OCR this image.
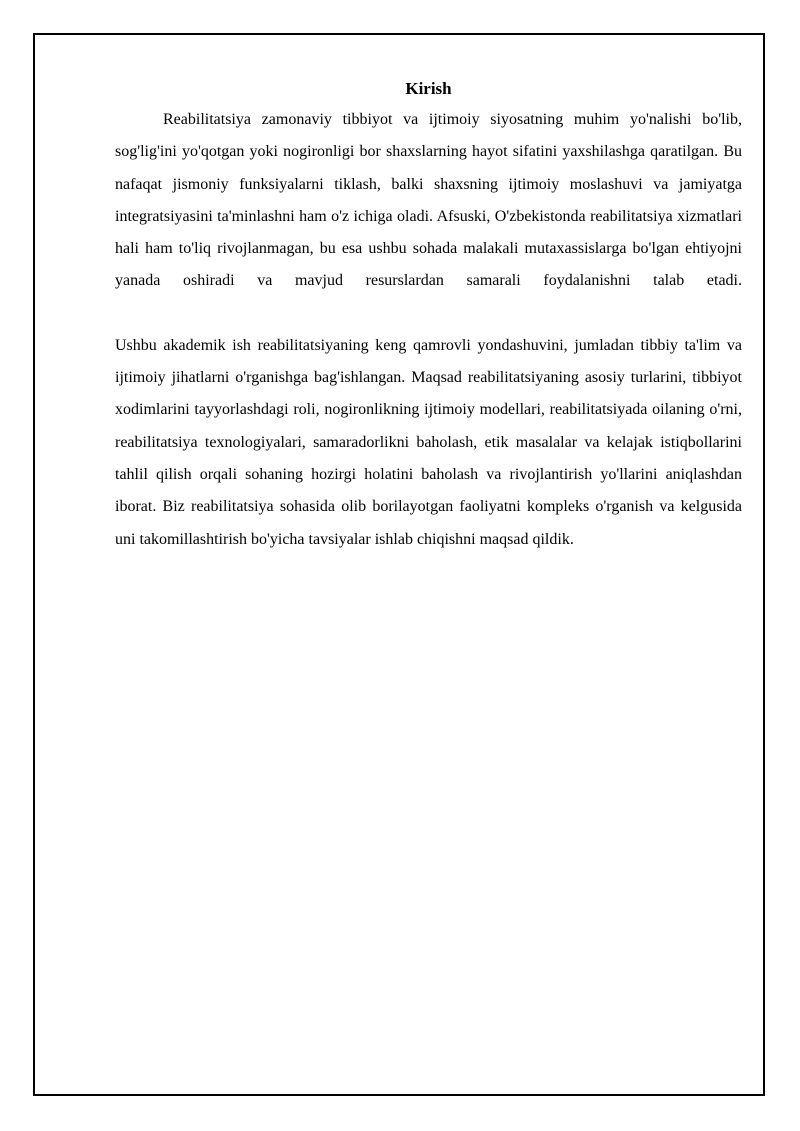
Kirish

Reabilitatsiya zamonaviy tibbiyot va ijtimoiy siyosatning muhim yo'nalishi bo'lib, sog'lig'ini yo'qotgan yoki nogironligi bor shaxslarning hayot sifatini yaxshilashga qaratilgan. Bu nafaqat jismoniy funksiyalarni tiklash, balki shaxsning ijtimoiy moslashuvi va jamiyatga integratsiyasini ta'minlashni ham o'z ichiga oladi. Afsuski, O'zbekistonda reabilitatsiya xizmatlari hali ham to'liq rivojlanmagan, bu esa ushbu sohada malakali mutaxassislarga bo'lgan ehtiyojni yanada oshiradi va mavjud resurslardan samarali foydalanishni talab etadi.

Ushbu akademik ish reabilitatsiyaning keng qamrovli yondashuvini, jumladan tibbiy ta'lim va ijtimoiy jihatlarni o'rganishga bag'ishlangan. Maqsad reabilitatsiyaning asosiy turlarini, tibbiyot xodimlarini tayyorlashdagi roli, nogironlikning ijtimoiy modellari, reabilitatsiyada oilaning o'rni, reabilitatsiya texnologiyalari, samaradorlikni baholash, etik masalalar va kelajak istiqbollarini tahlil qilish orqali sohaning hozirgi holatini baholash va rivojlantirish yo'llarini aniqlashdan iborat. Biz reabilitatsiya sohasida olib borilayotgan faoliyatni kompleks o'rganish va kelgusida uni takomillashtirish bo'yicha tavsiyalar ishlab chiqishni maqsad qildik.
